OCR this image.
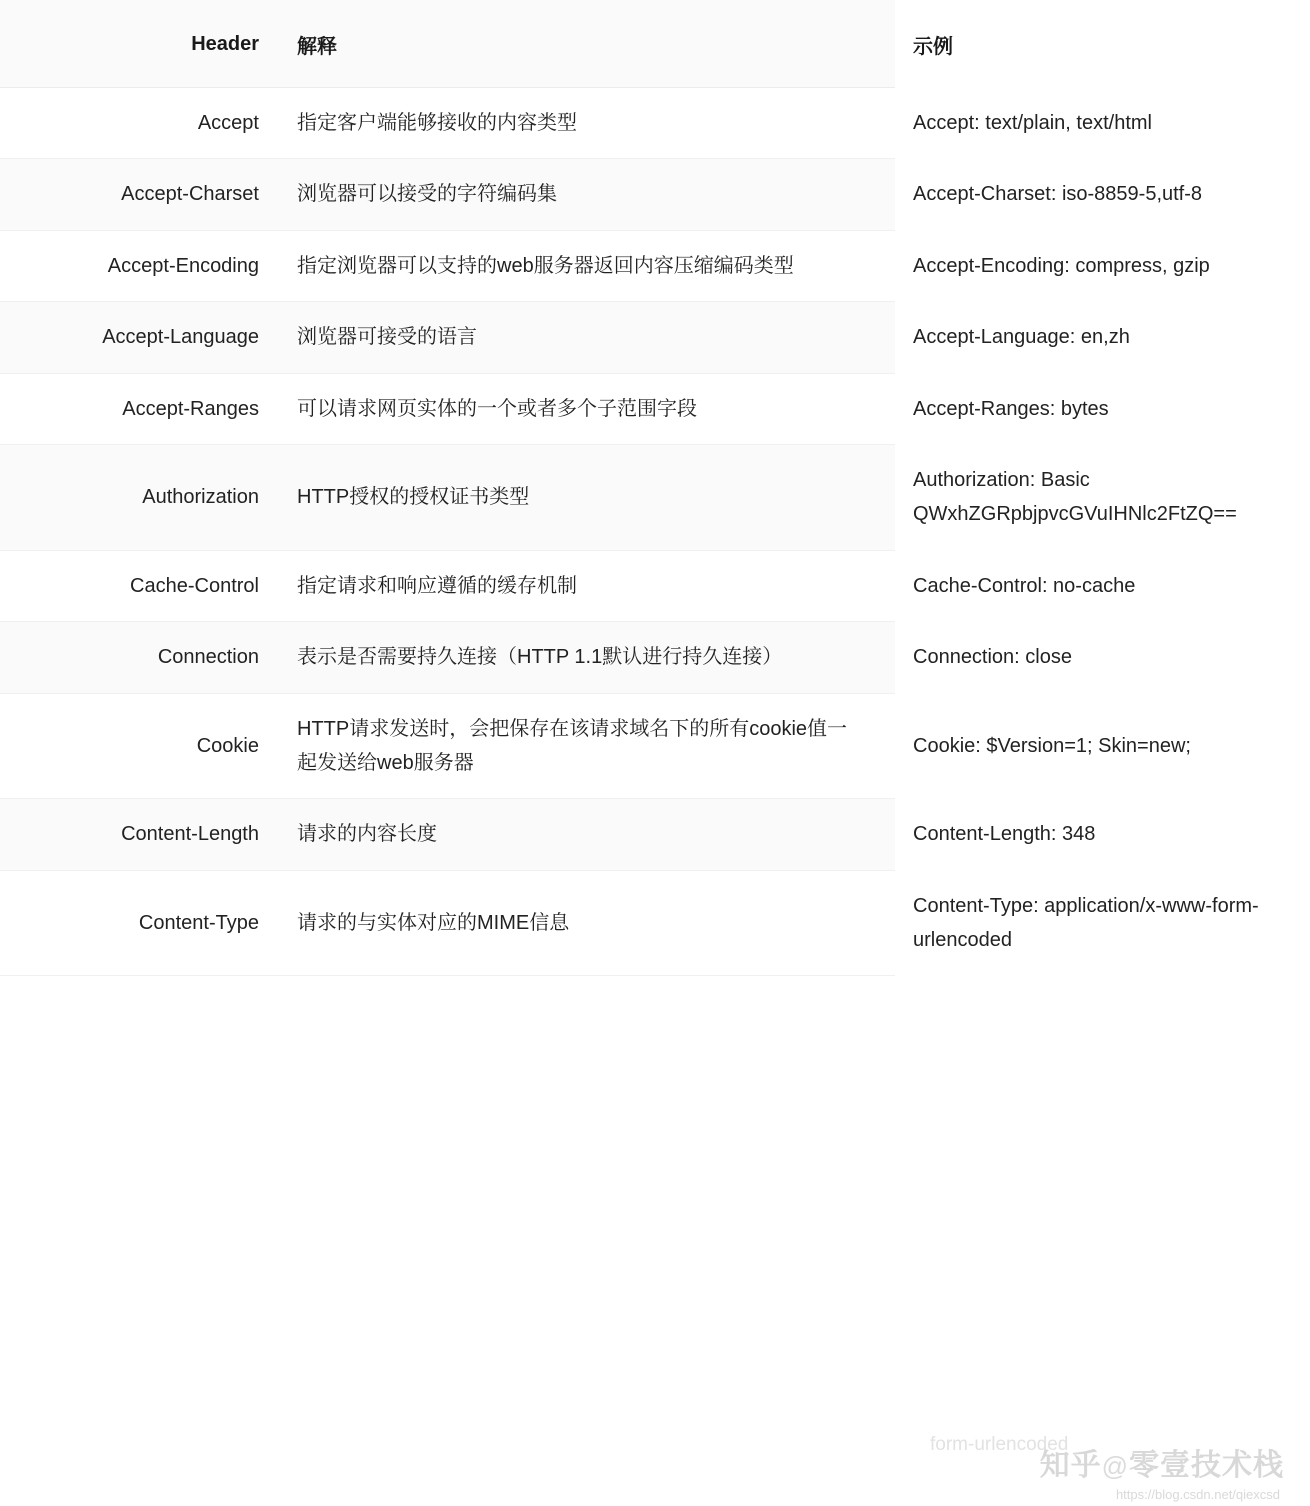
Header	解释	示例
Accept	指定客户端能够接收的内容类型	Accept: text/plain, text/html
Accept-Charset	浏览器可以接受的字符编码集	Accept-Charset: iso-8859-5,utf-8
Accept-Encoding	指定浏览器可以支持的web服务器返回内容压缩编码类型	Accept-Encoding: compress, gzip
Accept-Language	浏览器可接受的语言	Accept-Language: en,zh
Accept-Ranges	可以请求网页实体的一个或者多个子范围字段	Accept-Ranges: bytes
Authorization	HTTP授权的授权证书类型	Authorization: Basic QWxhZGRpbjpvcGVuIHNlc2FtZQ==
Cache-Control	指定请求和响应遵循的缓存机制	Cache-Control: no-cache
Connection	表示是否需要持久连接（HTTP 1.1默认进行持久连接）	Connection: close
Cookie	HTTP请求发送时，会把保存在该请求域名下的所有cookie值一起发送给web服务器	Cookie: $Version=1; Skin=new;
Content-Length	请求的内容长度	Content-Length: 348
Content-Type	请求的与实体对应的MIME信息	Content-Type: application/x-www-form-urlencoded
form-urlencoded
知乎@零壹技术栈
https://blog.csdn.net/qiexcsd
